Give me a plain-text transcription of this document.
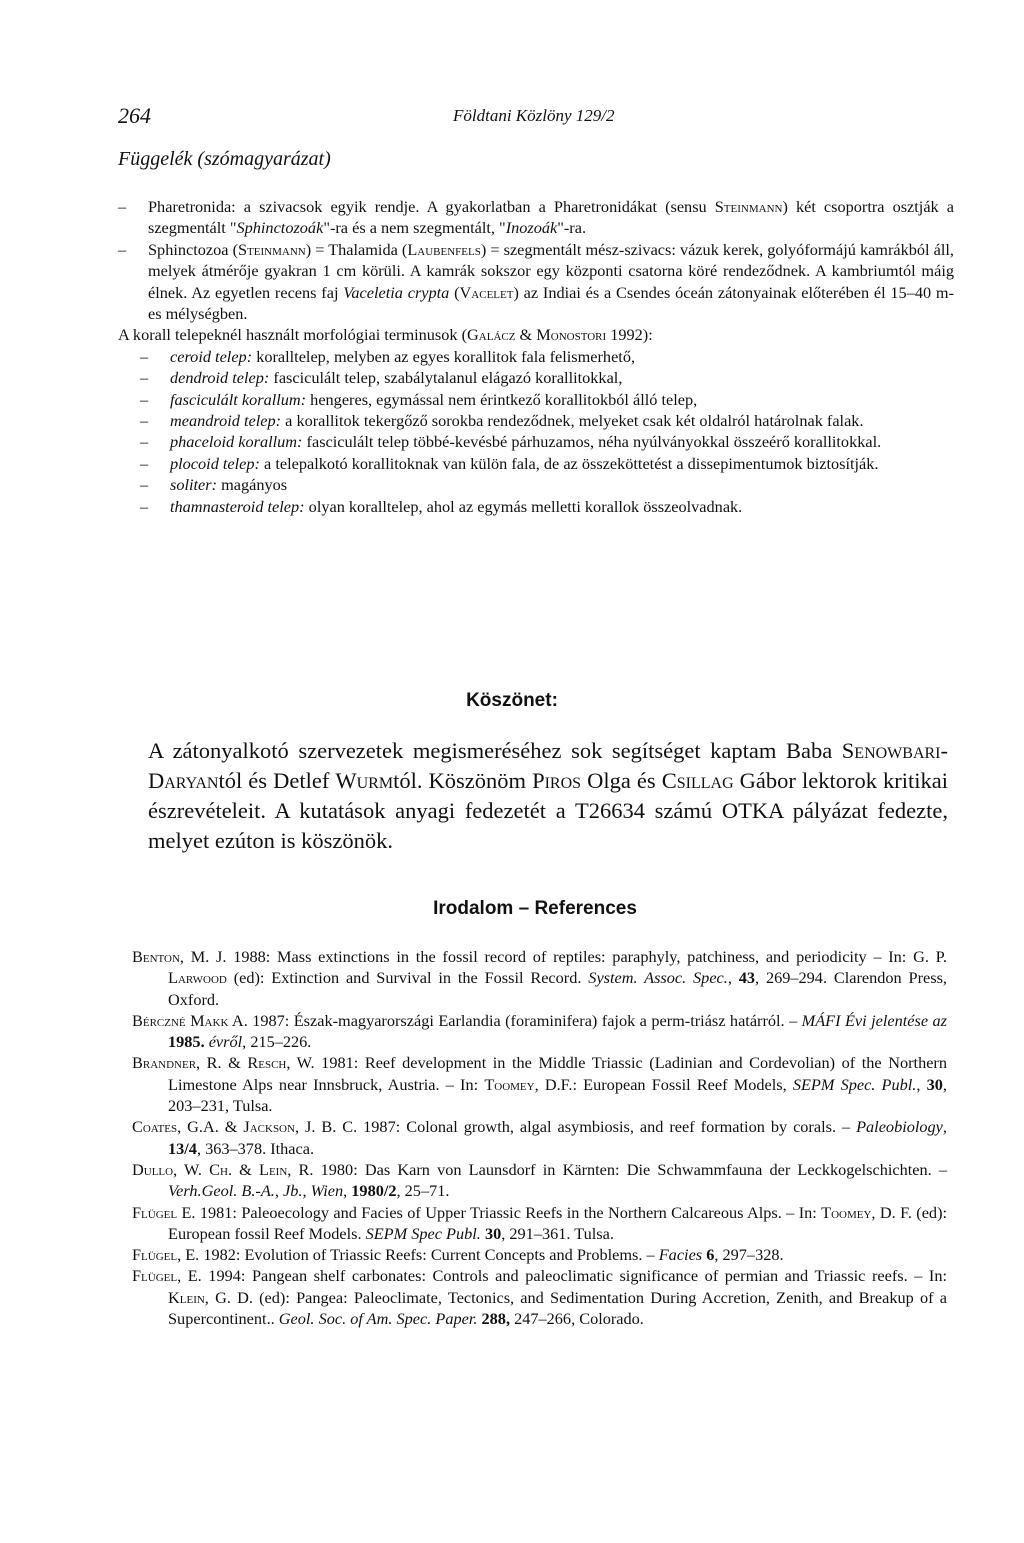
264	Földtani Közlöny 129/2
Függelék (szómagyarázat)
– Pharetronida: a szivacsok egyik rendje. A gyakorlatban a Pharetronidákat (sensu Steinmann) két csoportra osztják a szegmentált "Sphinctozoák"-ra és a nem szegmentált, "Inozoák"-ra.
– Sphinctozoa (Steinmann) = Thalamida (Laubenfels) = szegmentált mész-szivacs: vázuk kerek, golyóformájú kamrákból áll, melyek átmérője gyakran 1 cm körüli. A kamrák sokszor egy központi csatorna köré rendeződnek. A kambriumtól máig élnek. Az egyetlen recens faj Vaceletia crypta (Vacelet) az Indiai és a Csendes óceán zátonyainak előterében él 15–40 m-es mélységben.
A korall telepeknél használt morfológiai terminusok (Galácz & Monostori 1992):
– ceroid telep: koralltelep, melyben az egyes korallitok fala felismerhető,
– dendroid telep: fasciculált telep, szabálytalanul elágazó korallitokkal,
– fasciculált korallum: hengeres, egymással nem érintkező korallitokból álló telep,
– meandroid telep: a korallitok tekergőző sorokba rendeződnek, melyeket csak két oldalról határolnak falak.
– phaceloid korallum: fasciculált telep többé-kevésbé párhuzamos, néha nyúlványokkal összeérő korallitokkal.
– plocoid telep: a telepalkotó korallitoknak van külön fala, de az összeköttetést a dissepimentumok biztosítják.
– soliter: magányos
– thamnasteroid telep: olyan koralltelep, ahol az egymás melletti korallok összeolvadnak.
Köszönet:
A zátonyalkotó szervezetek megismeréséhez sok segítséget kaptam Baba Senowbari-Daryantól és Detlef Wurmtól. Köszönöm Piros Olga és Csillag Gábor lektorok kritikai észrevételeit. A kutatások anyagi fedezetét a T26634 számú OTKA pályázat fedezte, melyet ezúton is köszönök.
Irodalom – References
Benton, M. J. 1988: Mass extinctions in the fossil record of reptiles: paraphyly, patchiness, and periodicity – In: G. P. Larwood (ed): Extinction and Survival in the Fossil Record. System. Assoc. Spec., 43, 269–294. Clarendon Press, Oxford.
Bérczné Makk A. 1987: Észak-magyarországi Earlandia (foraminifera) fajok a perm-triász határról. – MÁFI Évi jelentése az 1985. évről, 215–226.
Brandner, R. & Resch, W. 1981: Reef development in the Middle Triassic (Ladinian and Cordevolian) of the Northern Limestone Alps near Innsbruck, Austria. – In: Toomey, D.F.: European Fossil Reef Models, SEPM Spec. Publ., 30, 203–231, Tulsa.
Coates, G.A. & Jackson, J. B. C. 1987: Colonal growth, algal asymbiosis, and reef formation by corals. – Paleobiology, 13/4, 363–378. Ithaca.
Dullo, W. Ch. & Lein, R. 1980: Das Karn von Launsdorf in Kärnten: Die Schwammfauna der Leckkogelschichten. – Verh.Geol. B.-A., Jb., Wien, 1980/2, 25–71.
Flügel E. 1981: Paleoecology and Facies of Upper Triassic Reefs in the Northern Calcareous Alps. – In: Toomey, D. F. (ed): European fossil Reef Models. SEPM Spec Publ. 30, 291–361. Tulsa.
Flügel, E. 1982: Evolution of Triassic Reefs: Current Concepts and Problems. – Facies 6, 297–328.
Flügel, E. 1994: Pangean shelf carbonates: Controls and paleoclimatic significance of permian and Triassic reefs. – In: Klein, G. D. (ed): Pangea: Paleoclimate, Tectonics, and Sedimentation During Accretion, Zenith, and Breakup of a Supercontinent.. Geol. Soc. of Am. Spec. Paper. 288, 247–266, Colorado.
